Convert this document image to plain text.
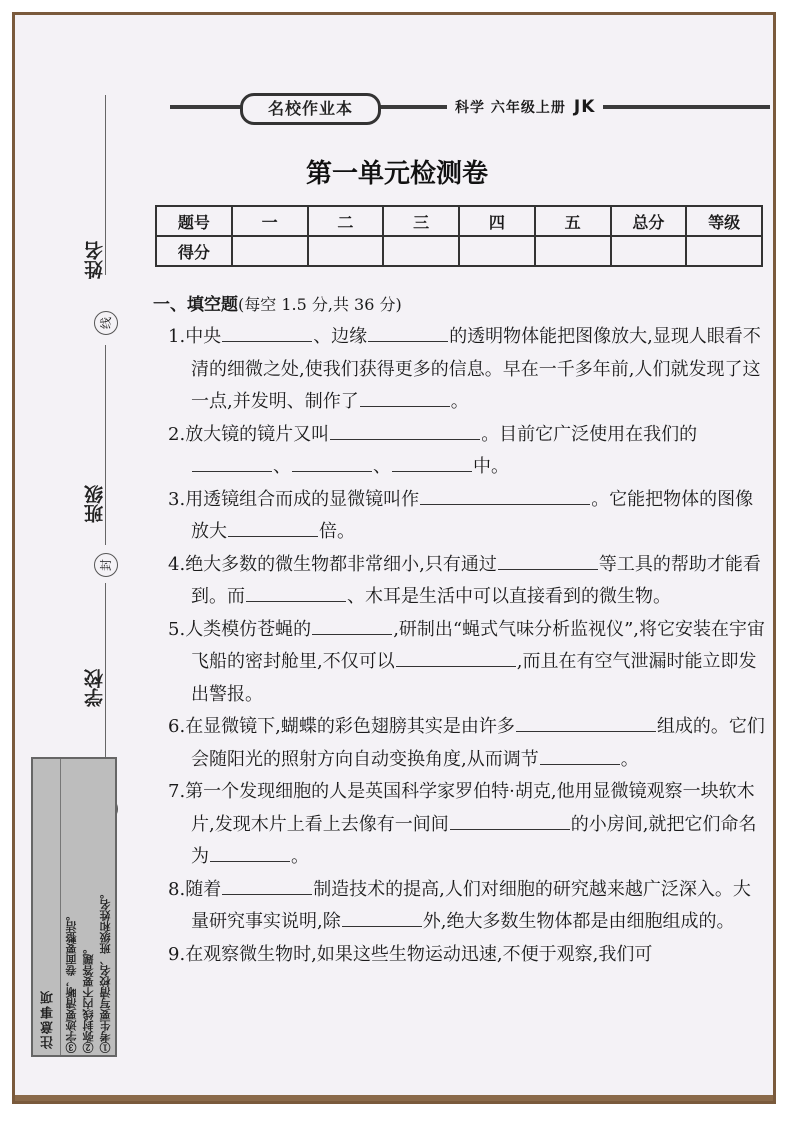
名校作业本	科学 六年级上册 JK
第一单元检测卷
题号	一	二	三	四	五	总分	等级
得分							
姓名
班级
学校
线
封
项
事
意
注 ③字迹要清晰，卷面要整洁。 ②弥封线内不要答题。 ①考生要写清校名、班级和姓名。
一、填空题(每空 1.5 分,共 36 分)
1.中央	、边缘	的透明物体能把图像放大,显现人眼看不清的细微之处,使我们获得更多的信息。早在一千多年前,人们就发现了这一点,并发明、制作了	。
2.放大镜的镜片又叫	。目前它广泛使用在我们的
、	、	中。
3.用透镜组合而成的显微镜叫作	。它能把物体的图像放大	倍。
4.绝大多数的微生物都非常细小,只有通过	等工具的帮助才能看到。而	、木耳是生活中可以直接看到的微生物。
5.人类模仿苍蝇的	,研制出“蝇式气味分析监视仪”,将它安装在宇宙飞船的密封舱里,不仅可以	,而且在有空气泄漏时能立即发出警报。
6.在显微镜下,蝴蝶的彩色翅膀其实是由许多	组成的。它们会随阳光的照射方向自动变换角度,从而调节	。
7.第一个发现细胞的人是英国科学家罗伯特·胡克,他用显微镜观察一块软木片,发现木片上看上去像有一间间	的小房间,就把它们命名为	。
8.随着	制造技术的提高,人们对细胞的研究越来越广泛深入。大量研究事实说明,除	外,绝大多数生物体都是由细胞组成的。
9.在观察微生物时,如果这些生物运动迅速,不便于观察,我们可
